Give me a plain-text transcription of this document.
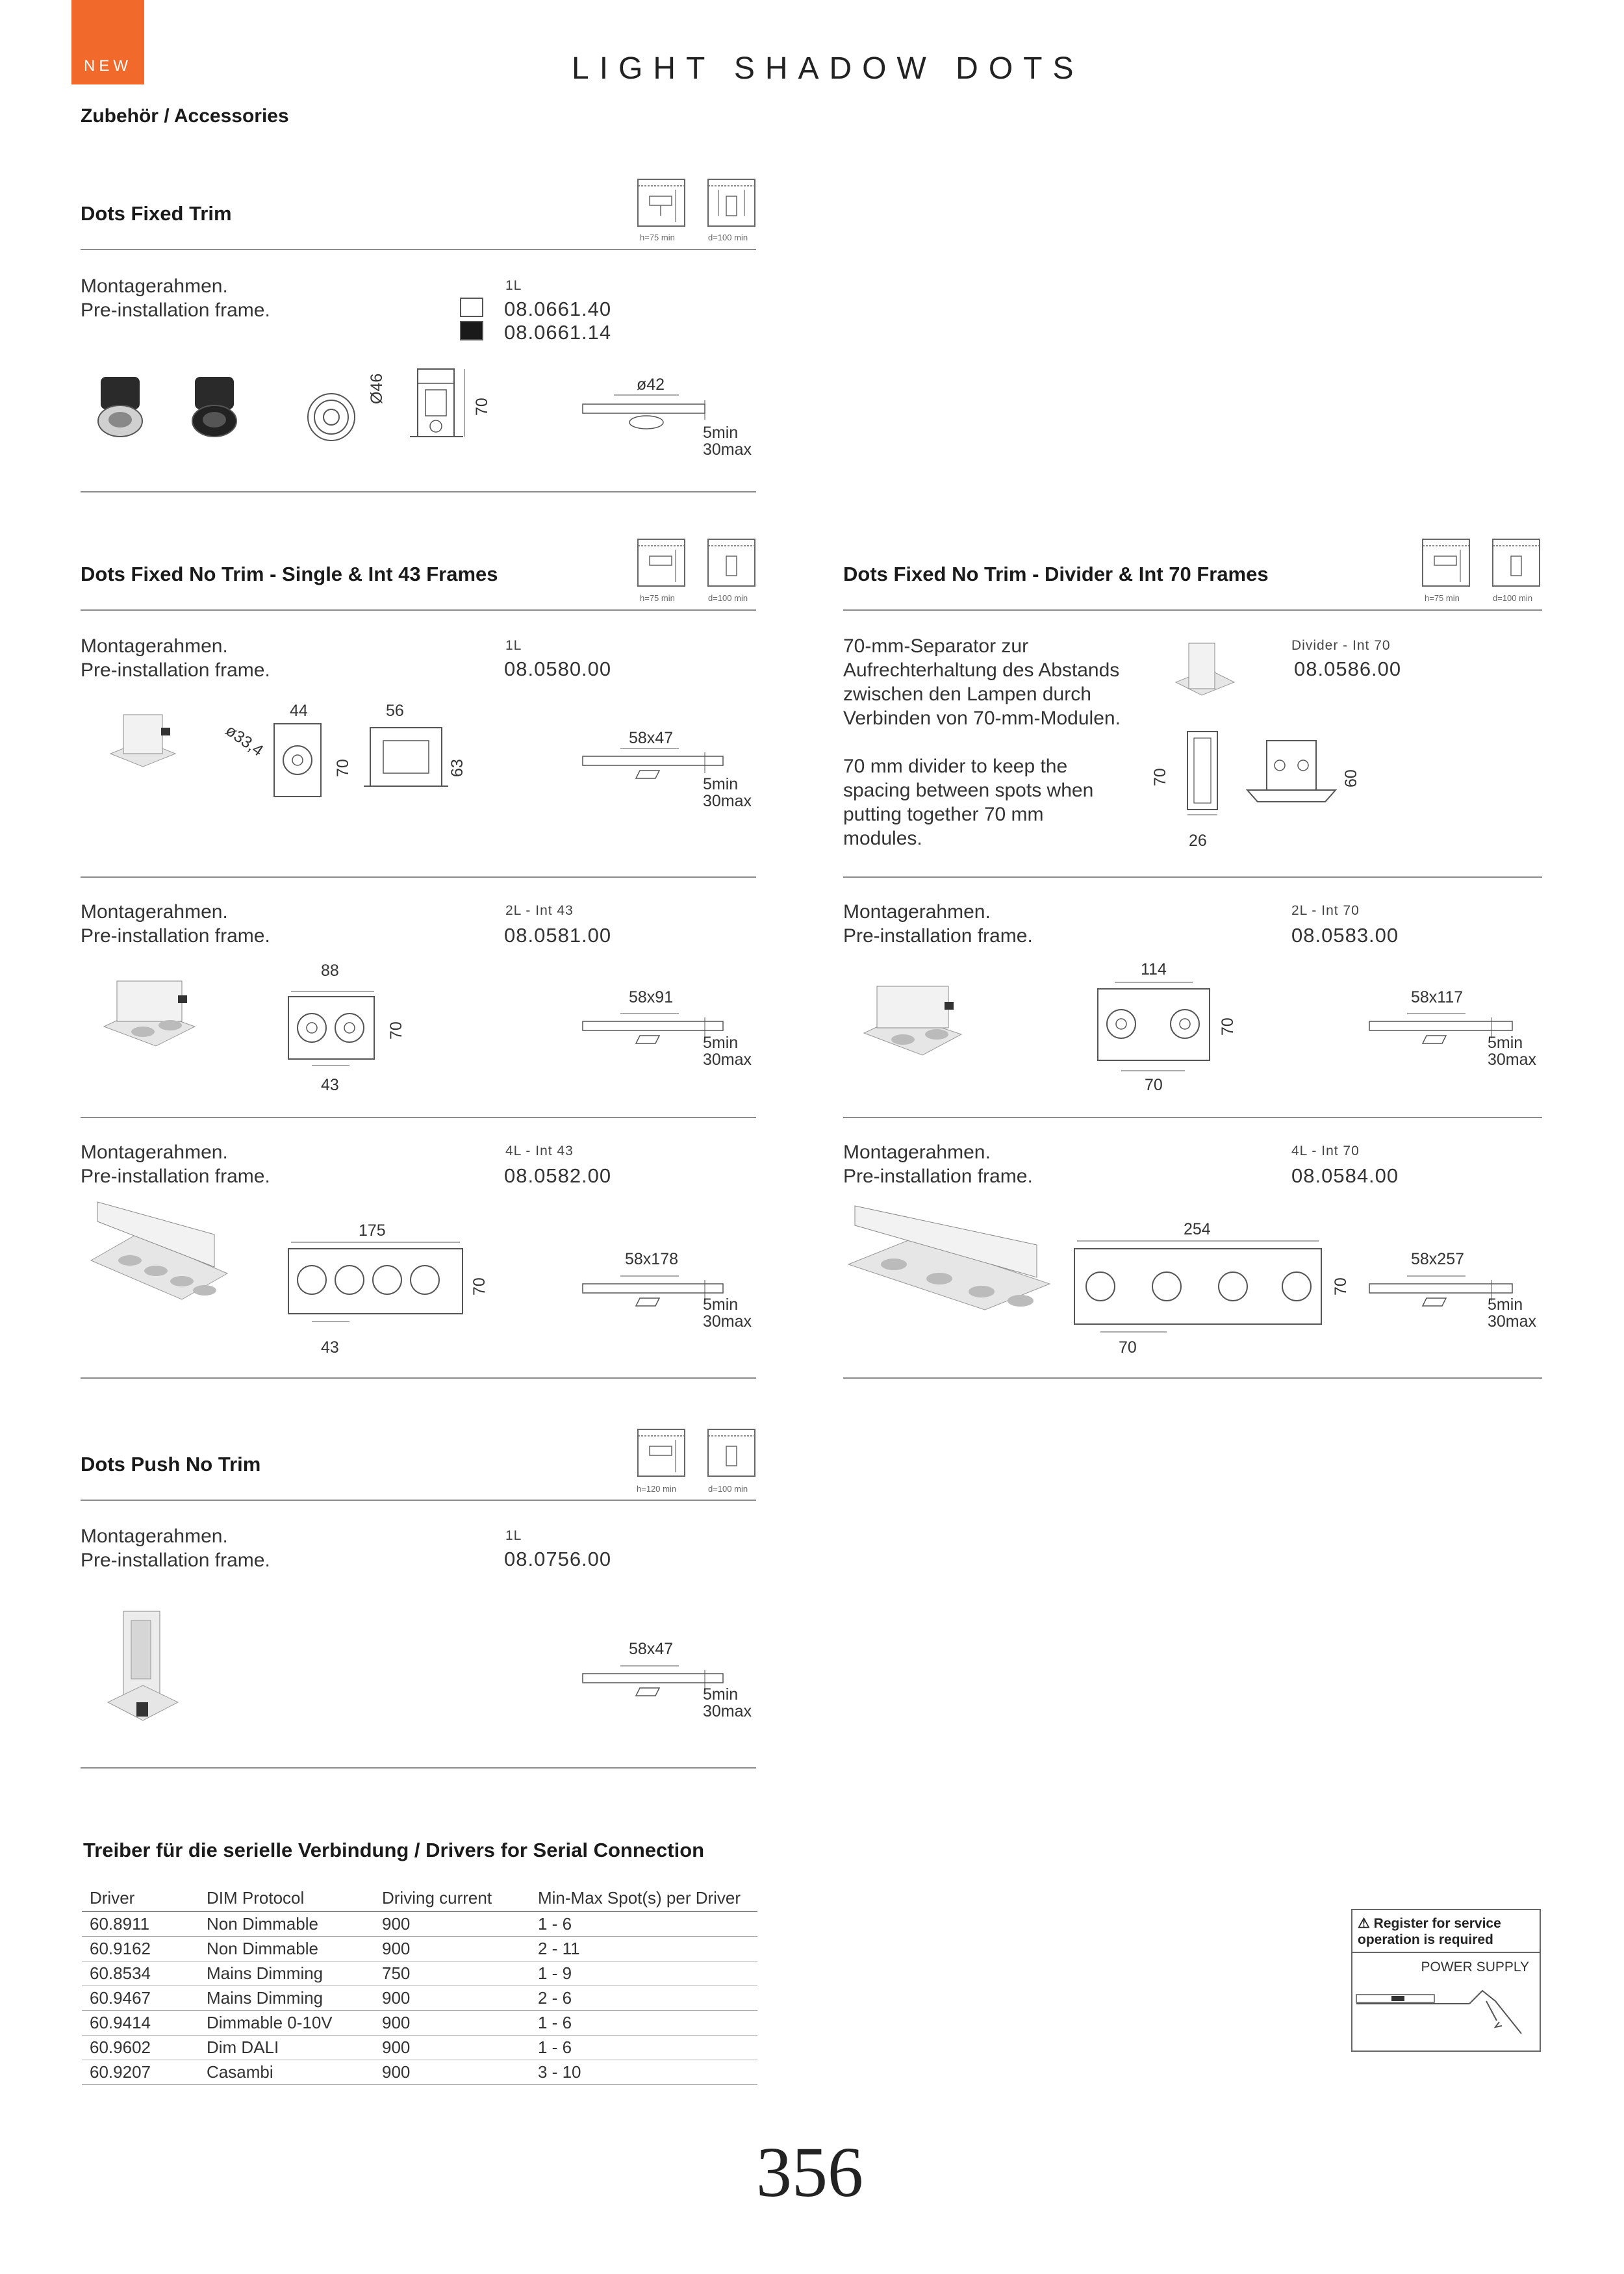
NEW	LIGHT SHADOW DOTS
Zubehör / Accessories
Dots Fixed Trim
h=75 min	d=100 min
Montagerahmen.
Pre-installation frame.
1L
08.0661.40
08.0661.14
Ø46
70
ø42
5min
30max
Dots Fixed No Trim - Single & Int 43 Frames
h=75 min	d=100 min
Montagerahmen.
Pre-installation frame.
1L
08.0580.00
ø33,4
44	56
70	63
58x47
5min
30max
Montagerahmen.
Pre-installation frame.
2L - Int 43
08.0581.00
88
70
43
58x91
5min
30max
Montagerahmen.
Pre-installation frame.
4L - Int 43
08.0582.00
175
70
43
58x178
5min
30max
Dots Fixed No Trim - Divider & Int 70 Frames
h=75 min	d=100 min
70-mm-Separator zur
Aufrechterhaltung des Abstands
zwischen den Lampen durch
Verbinden von 70-mm-Modulen.

70 mm divider to keep the
spacing between spots when
putting together 70 mm
modules.
Divider - Int 70
08.0586.00
70
26
60
Montagerahmen.
Pre-installation frame.
2L - Int 70
08.0583.00
114
70
70
58x117
5min
30max
Montagerahmen.
Pre-installation frame.
4L - Int 70
08.0584.00
254
70
70
58x257
5min
30max
Dots Push No Trim
h=120 min	d=100 min
Montagerahmen.
Pre-installation frame.
1L
08.0756.00
58x47
5min
30max
Treiber für die serielle Verbindung / Drivers for Serial Connection
Driver	DIM Protocol	Driving current	Min-Max Spot(s) per Driver
60.8911	Non Dimmable	900	1 - 6
60.9162	Non Dimmable	900	2 - 11
60.8534	Mains Dimming	750	1 - 9
60.9467	Mains Dimming	900	2 - 6
60.9414	Dimmable 0-10V	900	1 - 6
60.9602	Dim DALI	900	1 - 6
60.9207	Casambi	900	3 - 10
⚠ Register for service
operation is required
POWER SUPPLY
356
